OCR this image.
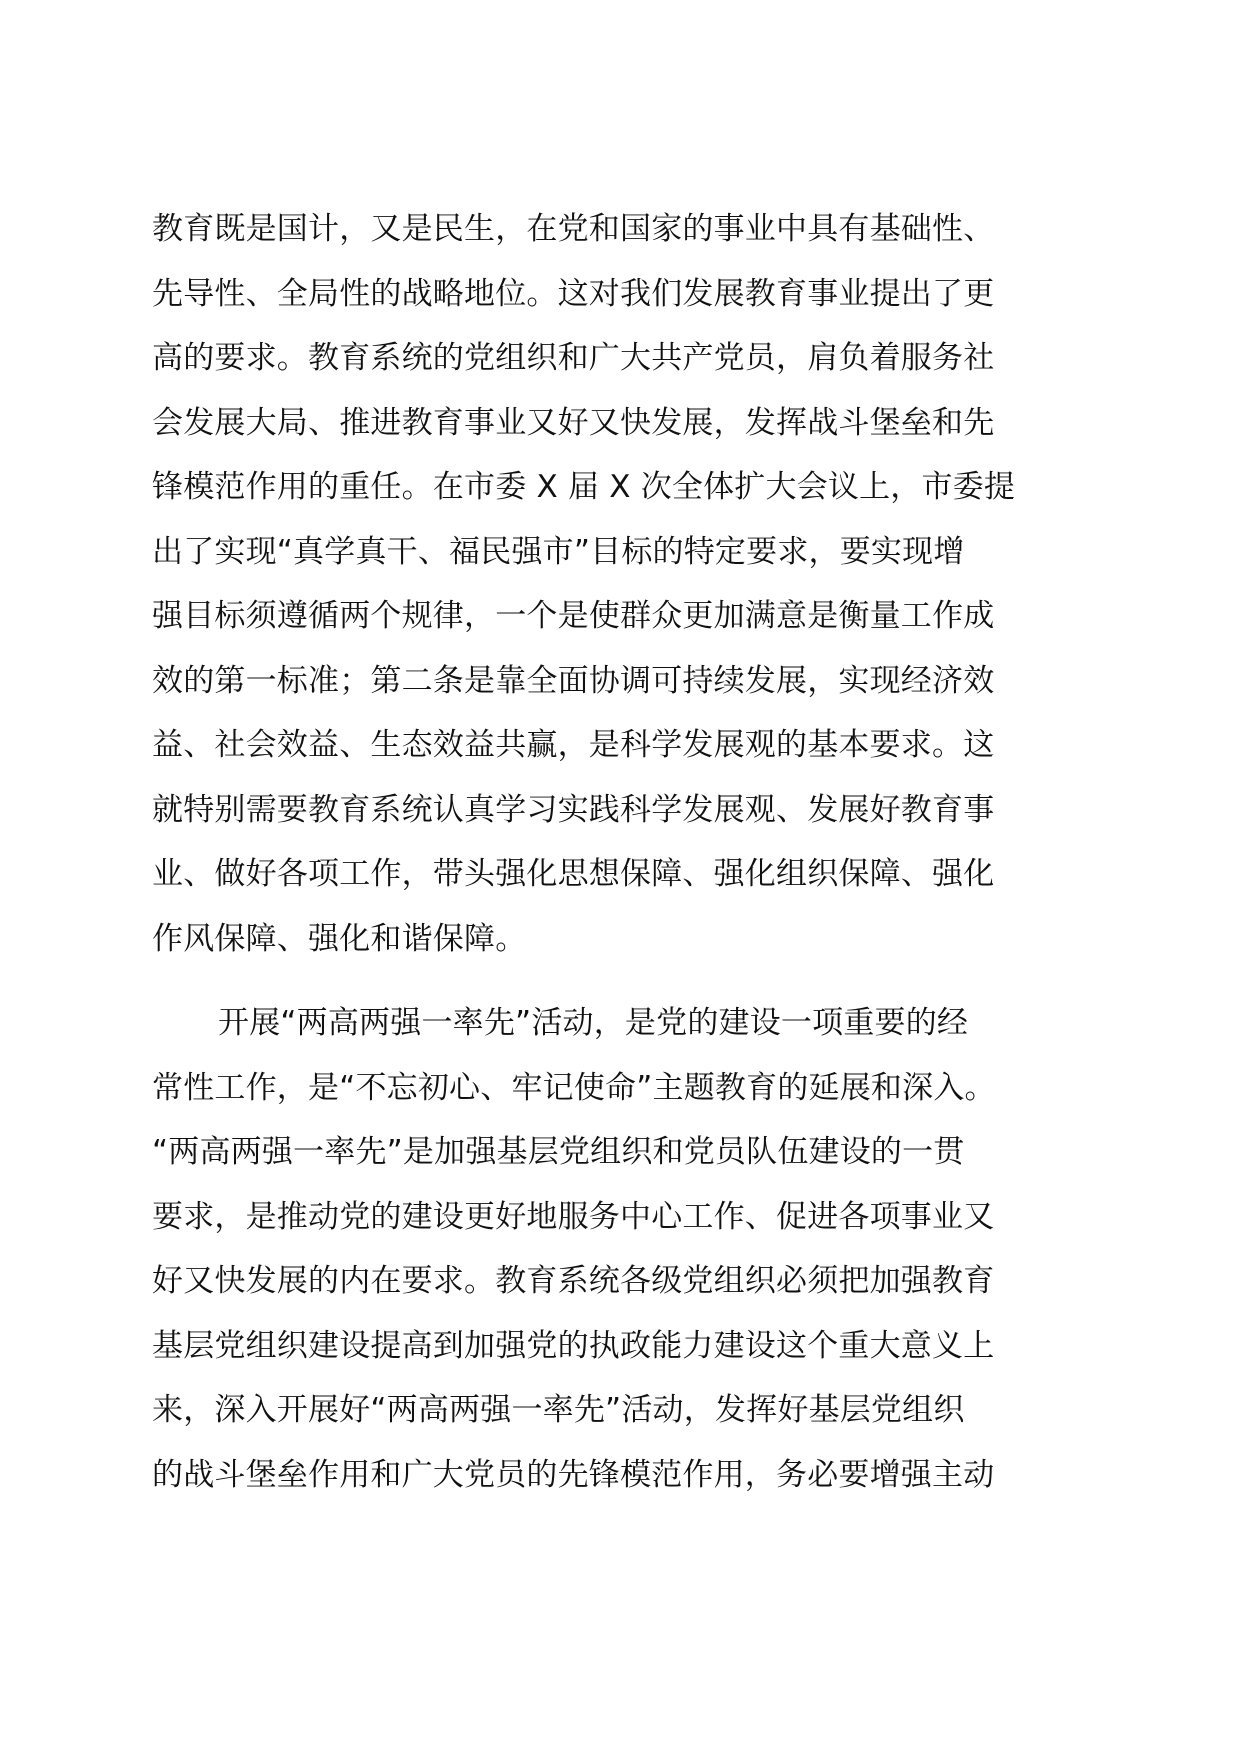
教育既是国计，又是民生，在党和国家的事业中具有基础性、
先导性、全局性的战略地位。这对我们发展教育事业提出了更
高的要求。教育系统的党组织和广大共产党员，肩负着服务社
会发展大局、推进教育事业又好又快发展，发挥战斗堡垒和先
锋模范作用的重任。在市委 X 届 X 次全体扩大会议上，市委提
出了实现“真学真干、福民强市”目标的特定要求，要实现增
强目标须遵循两个规律，一个是使群众更加满意是衡量工作成
效的第一标准；第二条是靠全面协调可持续发展，实现经济效
益、社会效益、生态效益共赢，是科学发展观的基本要求。这
就特别需要教育系统认真学习实践科学发展观、发展好教育事
业、做好各项工作，带头强化思想保障、强化组织保障、强化
作风保障、强化和谐保障。
开展“两高两强一率先”活动，是党的建设一项重要的经
常性工作，是“不忘初心、牢记使命”主题教育的延展和深入。
“两高两强一率先”是加强基层党组织和党员队伍建设的一贯
要求，是推动党的建设更好地服务中心工作、促进各项事业又
好又快发展的内在要求。教育系统各级党组织必须把加强教育
基层党组织建设提高到加强党的执政能力建设这个重大意义上
来，深入开展好“两高两强一率先”活动，发挥好基层党组织
的战斗堡垒作用和广大党员的先锋模范作用，务必要增强主动
